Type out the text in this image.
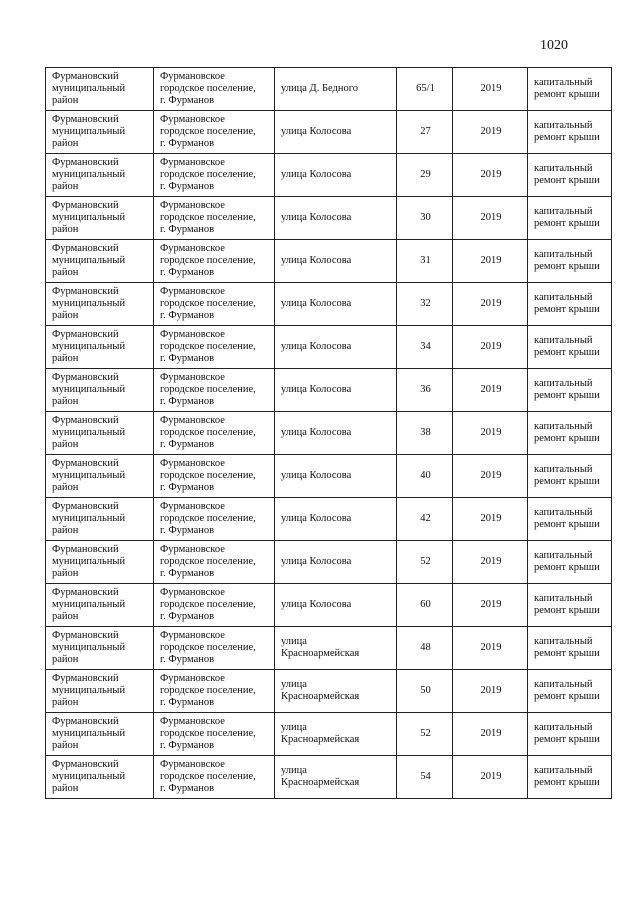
1020
Фурмановский
муниципальный
район	Фурмановское
городское поселение,
г. Фурманов	улица Д. Бедного	65/1	2019	капитальный
ремонт крыши
Фурмановский
муниципальный
район	Фурмановское
городское поселение,
г. Фурманов	улица Колосова	27	2019	капитальный
ремонт крыши
Фурмановский
муниципальный
район	Фурмановское
городское поселение,
г. Фурманов	улица Колосова	29	2019	капитальный
ремонт крыши
Фурмановский
муниципальный
район	Фурмановское
городское поселение,
г. Фурманов	улица Колосова	30	2019	капитальный
ремонт крыши
Фурмановский
муниципальный
район	Фурмановское
городское поселение,
г. Фурманов	улица Колосова	31	2019	капитальный
ремонт крыши
Фурмановский
муниципальный
район	Фурмановское
городское поселение,
г. Фурманов	улица Колосова	32	2019	капитальный
ремонт крыши
Фурмановский
муниципальный
район	Фурмановское
городское поселение,
г. Фурманов	улица Колосова	34	2019	капитальный
ремонт крыши
Фурмановский
муниципальный
район	Фурмановское
городское поселение,
г. Фурманов	улица Колосова	36	2019	капитальный
ремонт крыши
Фурмановский
муниципальный
район	Фурмановское
городское поселение,
г. Фурманов	улица Колосова	38	2019	капитальный
ремонт крыши
Фурмановский
муниципальный
район	Фурмановское
городское поселение,
г. Фурманов	улица Колосова	40	2019	капитальный
ремонт крыши
Фурмановский
муниципальный
район	Фурмановское
городское поселение,
г. Фурманов	улица Колосова	42	2019	капитальный
ремонт крыши
Фурмановский
муниципальный
район	Фурмановское
городское поселение,
г. Фурманов	улица Колосова	52	2019	капитальный
ремонт крыши
Фурмановский
муниципальный
район	Фурмановское
городское поселение,
г. Фурманов	улица Колосова	60	2019	капитальный
ремонт крыши
Фурмановский
муниципальный
район	Фурмановское
городское поселение,
г. Фурманов	улица
Красноармейская	48	2019	капитальный
ремонт крыши
Фурмановский
муниципальный
район	Фурмановское
городское поселение,
г. Фурманов	улица
Красноармейская	50	2019	капитальный
ремонт крыши
Фурмановский
муниципальный
район	Фурмановское
городское поселение,
г. Фурманов	улица
Красноармейская	52	2019	капитальный
ремонт крыши
Фурмановский
муниципальный
район	Фурмановское
городское поселение,
г. Фурманов	улица
Красноармейская	54	2019	капитальный
ремонт крыши
